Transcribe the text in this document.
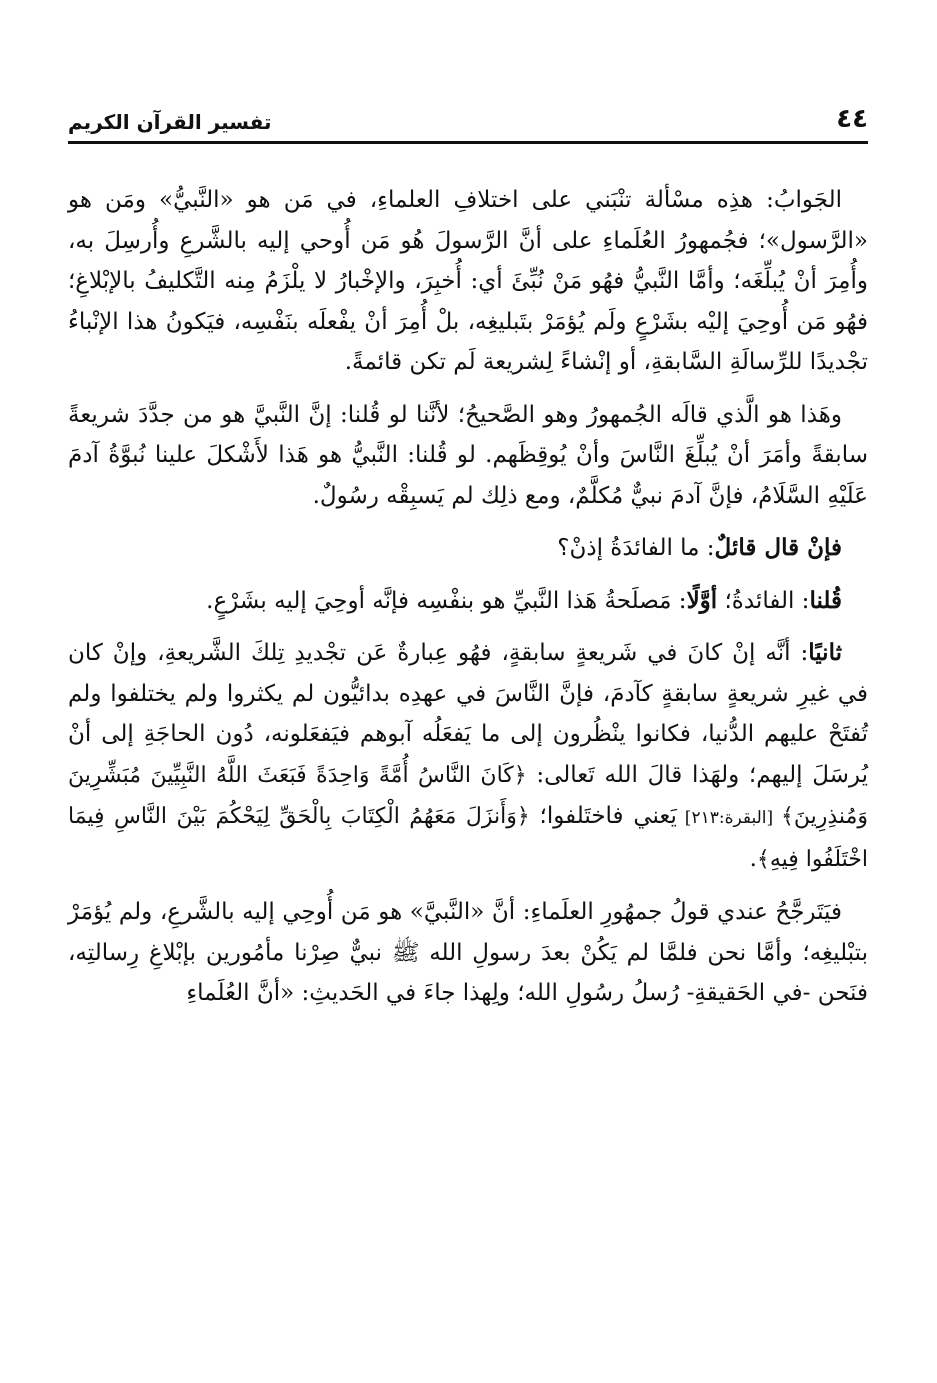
٤٤
تفسير القرآن الكريم

الجَوابُ: هذِه مسْألة تنْبَني على اختلافِ العلماءِ، في مَن هو «النَّبيُّ» ومَن هو «الرَّسول»؛ فجُمهورُ العُلَماءِ على أنَّ الرَّسولَ هُو مَن أُوحي إليه بالشَّرعِ وأُرسِلَ به، وأُمِرَ أنْ يُبلِّغَه؛ وأمَّا النَّبيُّ فهُو مَنْ نُبِّئَ أي: أُخبِرَ، والإخْبارُ لا يلْزَمُ مِنه التَّكليفُ بالإبْلاغِ؛ فهُو مَن أُوحِيَ إليْه بشَرْعٍ ولَم يُؤمَرْ بتَبليغِه، بلْ أُمِرَ أنْ يفْعلَه بنَفْسِه، فيَكونُ هذا الإنْباءُ تجْديدًا للرِّسالَةِ السَّابقةِ، أو إنْشاءً لِشريعة لَم تكن قائمةً.

وهَذا هو الَّذي قالَه الجُمهورُ وهو الصَّحيحُ؛ لأنَّنا لو قُلنا: إنَّ النَّبيَّ هو من جدَّدَ شريعةً سابقةً وأمَرَ أنْ يُبلِّغَ النَّاسَ وأنْ يُوقِظَهم. لو قُلنا: النَّبيُّ هو هَذا لأَشْكلَ علينا نُبوَّةُ آدمَ عَلَيْهِ السَّلَامُ، فإنَّ آدمَ نبيٌّ مُكلَّمٌ، ومع ذلِك لم يَسبِقْه رسُولٌ.

فإنْ قال قائلٌ: ما الفائدَةُ إذنْ؟

قُلنا: الفائدةُ؛ أوَّلًا: مَصلَحةُ هَذا النَّبيِّ هو بنفْسِه فإنَّه أوحِيَ إليه بشَرْعٍ.

ثانيًا: أنَّه إنْ كانَ في شَريعةٍ سابقةٍ، فهُو عِبارةٌ عَن تجْديدِ تِلكَ الشَّريعةِ، وإنْ كان في غيرِ شريعةٍ سابقةٍ كآدمَ، فإنَّ النَّاسَ في عهدِه بدائيُّون لم يكثروا ولم يختلفوا ولم تُفتَحْ عليهم الدُّنيا، فكانوا ينْظُرون إلى ما يَفعَلُه آبوهم فيَفعَلونه، دُون الحاجَةِ إلى أنْ يُرسَلَ إليهم؛ ولهَذا قالَ الله تَعالى: ﴿كَانَ النَّاسُ أُمَّةً وَاحِدَةً فَبَعَثَ اللَّهُ النَّبِيِّينَ مُبَشِّرِينَ وَمُنذِرِينَ﴾ [البقرة:٢١٣] يَعني فاختَلفوا؛ ﴿وَأَنزَلَ مَعَهُمُ الْكِتَابَ بِالْحَقِّ لِيَحْكُمَ بَيْنَ النَّاسِ فِيمَا اخْتَلَفُوا فِيهِ﴾.

فيَتَرجَّحُ عندي قولُ جمهُورِ العلَماءِ: أنَّ «النَّبيَّ» هو مَن أُوحِي إليه بالشَّرعِ، ولم يُؤمَرْ بتبْليغِه؛ وأمَّا نحن فلمَّا لم يَكُنْ بعدَ رسولِ الله ﷺ نبيٌّ صِرْنا مأمُورين بإبْلاغِ رِسالتِه، فنَحن -في الحَقيقةِ- رُسلُ رسُولِ الله؛ ولِهذا جاءَ في الحَديثِ: «أنَّ العُلَماءِ
